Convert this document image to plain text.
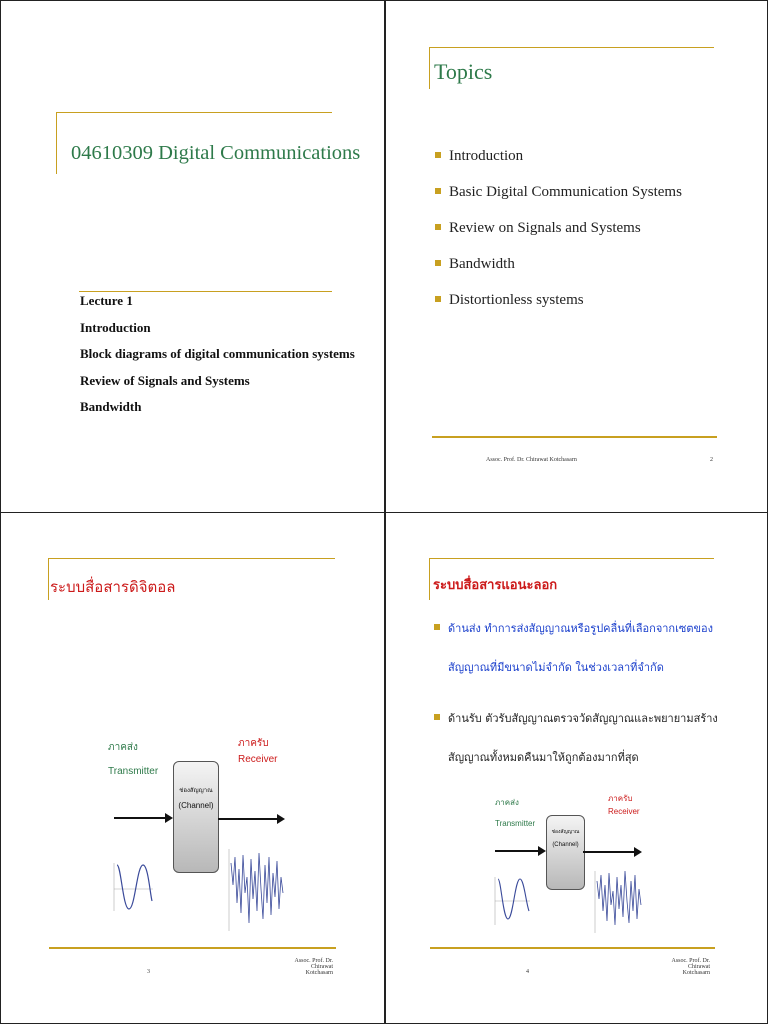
04610309 Digital Communications

Lecture 1

Introduction

Block diagrams of digital communication systems

Review of Signals and Systems

Bandwidth

Topics
Introduction
Basic Digital Communication Systems
Review on Signals and Systems
Bandwidth
Distortionless systems
Assoc. Prof. Dr. Chirawat Kotchasarn	2
ระบบสื่อสารดิจิตอล
ภาคส่ง
Transmitter
ภาครับ
Receiver
ช่องสัญญาณ
(Channel)
Assoc. Prof. Dr. Chirawat
Kotchasarn
3
ระบบสื่อสารแอนะลอก
ด้านส่ง ทำการส่งสัญญาณหรือรูปคลื่นที่เลือกจากเซตของ
สัญญาณที่มีขนาดไม่จำกัด ในช่วงเวลาที่จำกัด
ด้านรับ ตัวรับสัญญาณตรวจวัดสัญญาณและพยายามสร้าง
สัญญาณทั้งหมดคืนมาให้ถูกต้องมากที่สุด
ภาคส่ง
Transmitter
ภาครับ
Receiver
ช่องสัญญาณ
(Channel)
Assoc. Prof. Dr. Chirawat
Kotchasarn
4
